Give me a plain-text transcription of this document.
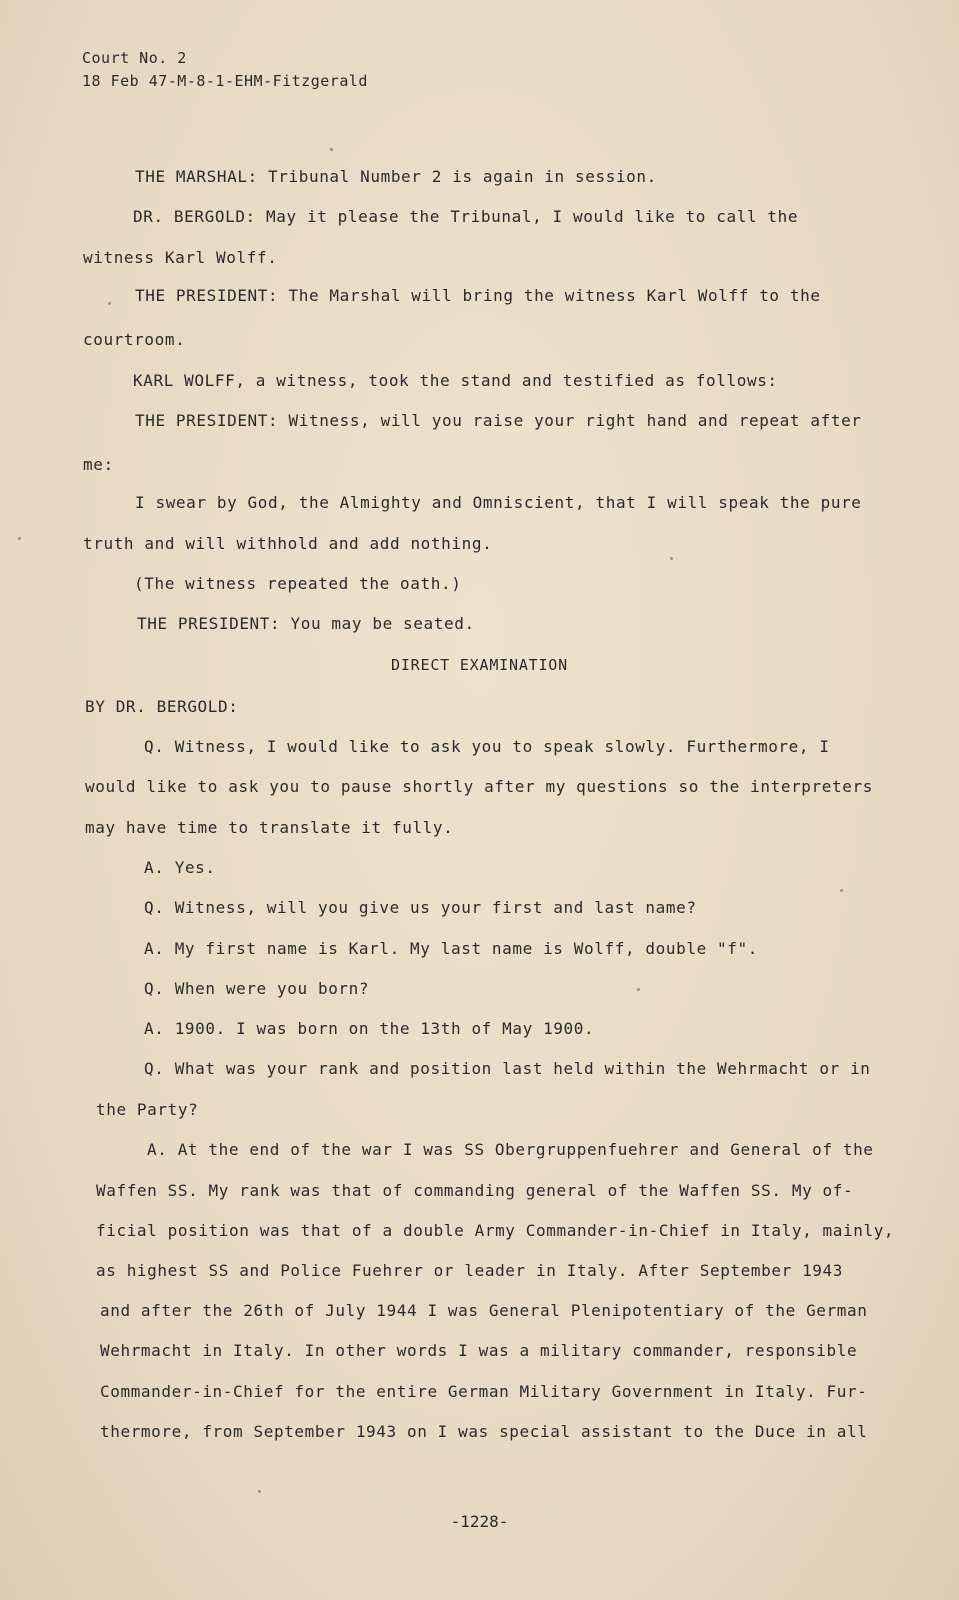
Court No. 2
18 Feb 47-M-8-1-EHM-Fitzgerald
THE MARSHAL: Tribunal Number 2 is again in session.
DR. BERGOLD: May it please the Tribunal, I would like to call the
witness Karl Wolff.
THE PRESIDENT: The Marshal will bring the witness Karl Wolff to the
courtroom.
KARL WOLFF, a witness, took the stand and testified as follows:
THE PRESIDENT: Witness, will you raise your right hand and repeat after
me:
I swear by God, the Almighty and Omniscient, that I will speak the pure
truth and will withhold and add nothing.
(The witness repeated the oath.)
THE PRESIDENT: You may be seated.
DIRECT EXAMINATION
BY DR. BERGOLD:
Q. Witness, I would like to ask you to speak slowly. Furthermore, I
would like to ask you to pause shortly after my questions so the interpreters
may have time to translate it fully.
A. Yes.
Q. Witness, will you give us your first and last name?
A. My first name is Karl. My last name is Wolff, double "f".
Q. When were you born?
A. 1900. I was born on the 13th of May 1900.
Q. What was your rank and position last held within the Wehrmacht or in
the Party?
A. At the end of the war I was SS Obergruppenfuehrer and General of the
Waffen SS. My rank was that of commanding general of the Waffen SS. My of-
ficial position was that of a double Army Commander-in-Chief in Italy, mainly,
as highest SS and Police Fuehrer or leader in Italy. After September 1943
and after the 26th of July 1944 I was General Plenipotentiary of the German
Wehrmacht in Italy. In other words I was a military commander, responsible
Commander-in-Chief for the entire German Military Government in Italy. Fur-
thermore, from September 1943 on I was special assistant to the Duce in all
-1228-
